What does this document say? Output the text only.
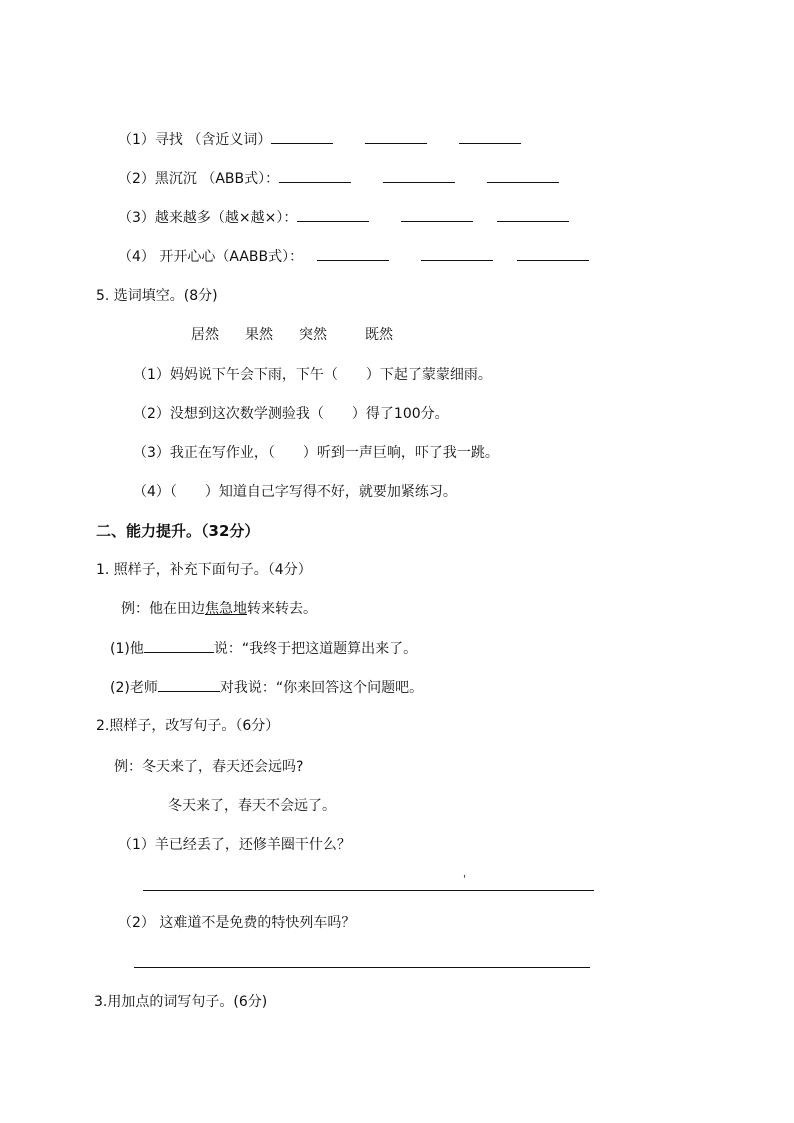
（1）寻找 （含近义词）
（2）黑沉沉 （ABB式）：
（3）越来越多（越×越×）：
（4） 开开心心（AABB式）：
5. 选词填空。(8分)
居然 果然 突然	既然
（1）妈妈说下午会下雨，下午（　　）下起了蒙蒙细雨。
（2）没想到这次数学测验我（　　）得了100分。
（3）我正在写作业，（　　）听到一声巨响，吓了我一跳。
（4）（　　）知道自己字写得不好，就要加紧练习。
二、能力提升。（32分）
1. 照样子，补充下面句子。（4分）
例：他在田边焦急地转来转去。
(1)他	说：“我终于把这道题算出来了。
(2)老师	对我说：“你来回答这个问题吧。
2.照样子，改写句子。（6分）
例：冬天来了，春天还会远吗?
冬天来了，春天不会远了。
（1）羊已经丢了，还修羊圈干什么？
'
（2） 这难道不是免费的特快列车吗？
3.用加点的词写句子。(6分)
